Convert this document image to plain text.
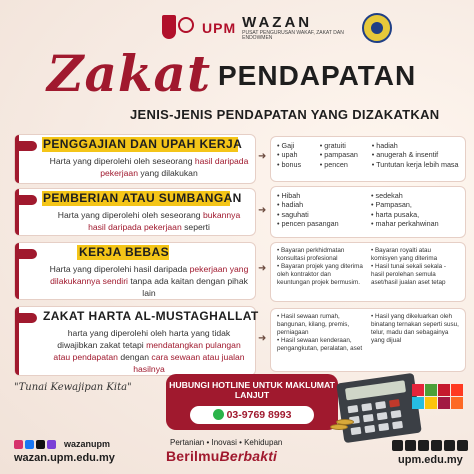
UPM WAZAN
PUSAT PENGURUSAN WAKAF, ZAKAT DAN ENDOWMEN
Zakat PENDAPATAN
JENIS-JENIS PENDAPATAN YANG DIZAKATKAN
PENGGAJIAN DAN UPAH KERJA
Harta yang diperolehi oleh seseorang hasil daripada pekerjaan yang dilakukan
➜
• Gaji
• upah
• bonus
• gratuiti
• pampasan
• pencen
• hadiah
• anugerah & insentif
• Tuntutan kerja lebih masa
PEMBERIAN ATAU SUMBANGAN
Harta yang diperolehi oleh seseorang bukannya hasil daripada pekerjaan seperti
➜
• Hibah
• hadiah
• saguhati
• pencen pasangan
• sedekah
• Pampasan,
• harta pusaka,
• mahar perkahwinan
KERJA BEBAS
Harta yang diperolehi hasil daripada pekerjaan yang dilakukannya sendiri tanpa ada kaitan dengan pihak lain
➜
• Bayaran perkhidmatan konsultasi profesional
• Bayaran projek yang diterima oleh kontraktor dan keuntungan projek bermusim.
• Bayaran royalti atau komisyen yang diterima
• Hasil tunai sekali sekala - hasil perolehan semula aset/hasil jualan aset tetap
ZAKAT HARTA AL-MUSTAGHALLAT
harta yang diperolehi oleh harta yang tidak diwajibkan zakat tetapi mendatangkan pulangan atau pendapatan dengan cara sewaan atau jualan hasilnya
➜
• Hasil sewaan rumah, bangunan, kilang, premis, perniagaan
• Hasil sewaan kenderaan, pengangkutan, peralatan, aset
• Hasil yang dikeluarkan oleh binatang ternakan seperti susu, telur, madu dan sebagainya yang dijual
"Tunai Kewajipan Kita"	HUBUNGI HOTLINE UNTUK MAKLUMAT LANJUT
03-9769 8993
wazanupm
wazan.upm.edu.my
Pertanian • Inovasi • Kehidupan
BerilmuBerbakti	upm.edu.my
